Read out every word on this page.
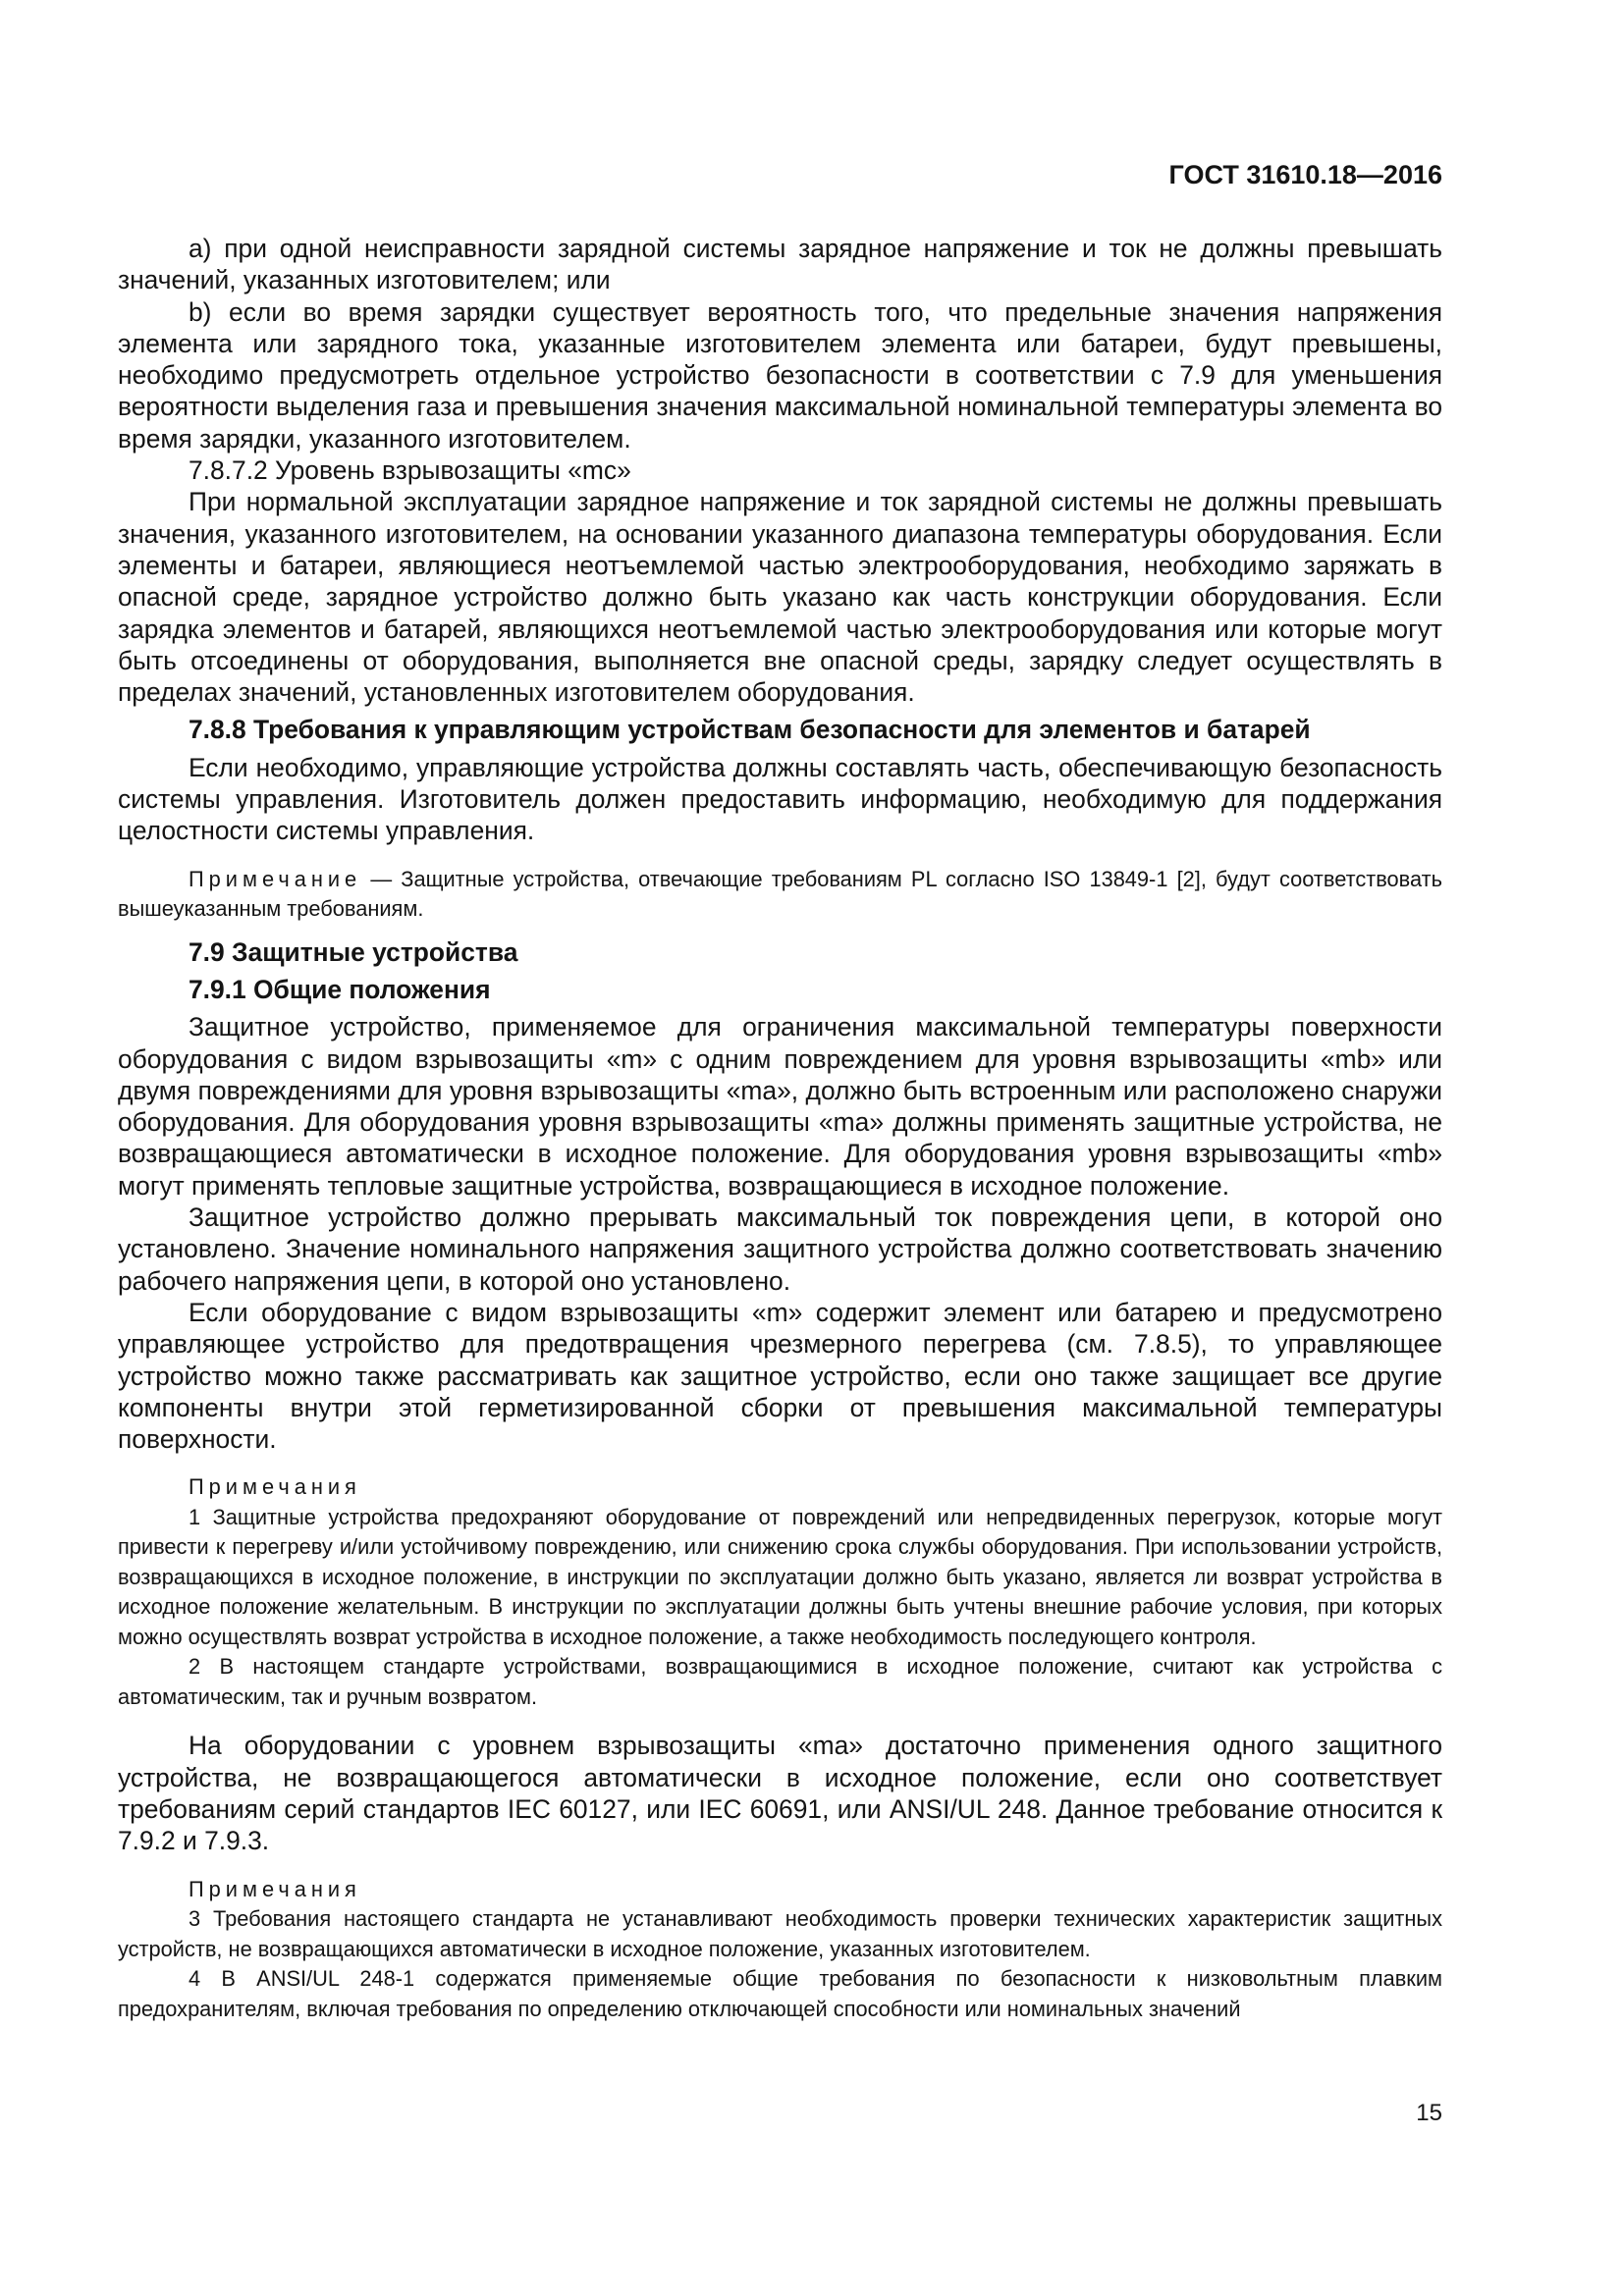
ГОСТ 31610.18—2016

a) при одной неисправности зарядной системы зарядное напряжение и ток не должны превышать значений, указанных изготовителем; или

b) если во время зарядки существует вероятность того, что предельные значения напряжения элемента или зарядного тока, указанные изготовителем элемента или батареи, будут превышены, необходимо предусмотреть отдельное устройство безопасности в соответствии с 7.9 для уменьшения вероятности выделения газа и превышения значения максимальной номинальной температуры элемента во время зарядки, указанного изготовителем.

7.8.7.2 Уровень взрывозащиты «mc»

При нормальной эксплуатации зарядное напряжение и ток зарядной системы не должны превышать значения, указанного изготовителем, на основании указанного диапазона температуры оборудования. Если элементы и батареи, являющиеся неотъемлемой частью электрооборудования, необходимо заряжать в опасной среде, зарядное устройство должно быть указано как часть конструкции оборудования. Если зарядка элементов и батарей, являющихся неотъемлемой частью электрооборудования или которые могут быть отсоединены от оборудования, выполняется вне опасной среды, зарядку следует осуществлять в пределах значений, установленных изготовителем оборудования.

7.8.8 Требования к управляющим устройствам безопасности для элементов и батарей

Если необходимо, управляющие устройства должны составлять часть, обеспечивающую безопасность системы управления. Изготовитель должен предоставить информацию, необходимую для поддержания целостности системы управления.

Примечание — Защитные устройства, отвечающие требованиям PL согласно ISO 13849-1 [2], будут соответствовать вышеуказанным требованиям.

7.9 Защитные устройства

7.9.1 Общие положения

Защитное устройство, применяемое для ограничения максимальной температуры поверхности оборудования с видом взрывозащиты «m» с одним повреждением для уровня взрывозащиты «mb» или двумя повреждениями для уровня взрывозащиты «ma», должно быть встроенным или расположено снаружи оборудования. Для оборудования уровня взрывозащиты «ma» должны применять защитные устройства, не возвращающиеся автоматически в исходное положение. Для оборудования уровня взрывозащиты «mb» могут применять тепловые защитные устройства, возвращающиеся в исходное положение.

Защитное устройство должно прерывать максимальный ток повреждения цепи, в которой оно установлено. Значение номинального напряжения защитного устройства должно соответствовать значению рабочего напряжения цепи, в которой оно установлено.

Если оборудование с видом взрывозащиты «m» содержит элемент или батарею и предусмотрено управляющее устройство для предотвращения чрезмерного перегрева (см. 7.8.5), то управляющее устройство можно также рассматривать как защитное устройство, если оно также защищает все другие компоненты внутри этой герметизированной сборки от превышения максимальной температуры поверхности.

Примечания

1 Защитные устройства предохраняют оборудование от повреждений или непредвиденных перегрузок, которые могут привести к перегреву и/или устойчивому повреждению, или снижению срока службы оборудования. При использовании устройств, возвращающихся в исходное положение, в инструкции по эксплуатации должно быть указано, является ли возврат устройства в исходное положение желательным. В инструкции по эксплуатации должны быть учтены внешние рабочие условия, при которых можно осуществлять возврат устройства в исходное положение, а также необходимость последующего контроля.

2 В настоящем стандарте устройствами, возвращающимися в исходное положение, считают как устройства с автоматическим, так и ручным возвратом.

На оборудовании с уровнем взрывозащиты «ma» достаточно применения одного защитного устройства, не возвращающегося автоматически в исходное положение, если оно соответствует требованиям серий стандартов IEC 60127, или IEC 60691, или ANSI/UL 248. Данное требование относится к 7.9.2 и 7.9.3.

Примечания

3 Требования настоящего стандарта не устанавливают необходимость проверки технических характеристик защитных устройств, не возвращающихся автоматически в исходное положение, указанных изготовителем.

4 В ANSI/UL 248-1 содержатся применяемые общие требования по безопасности к низковольтным плавким предохранителям, включая требования по определению отключающей способности или номинальных значений

15
